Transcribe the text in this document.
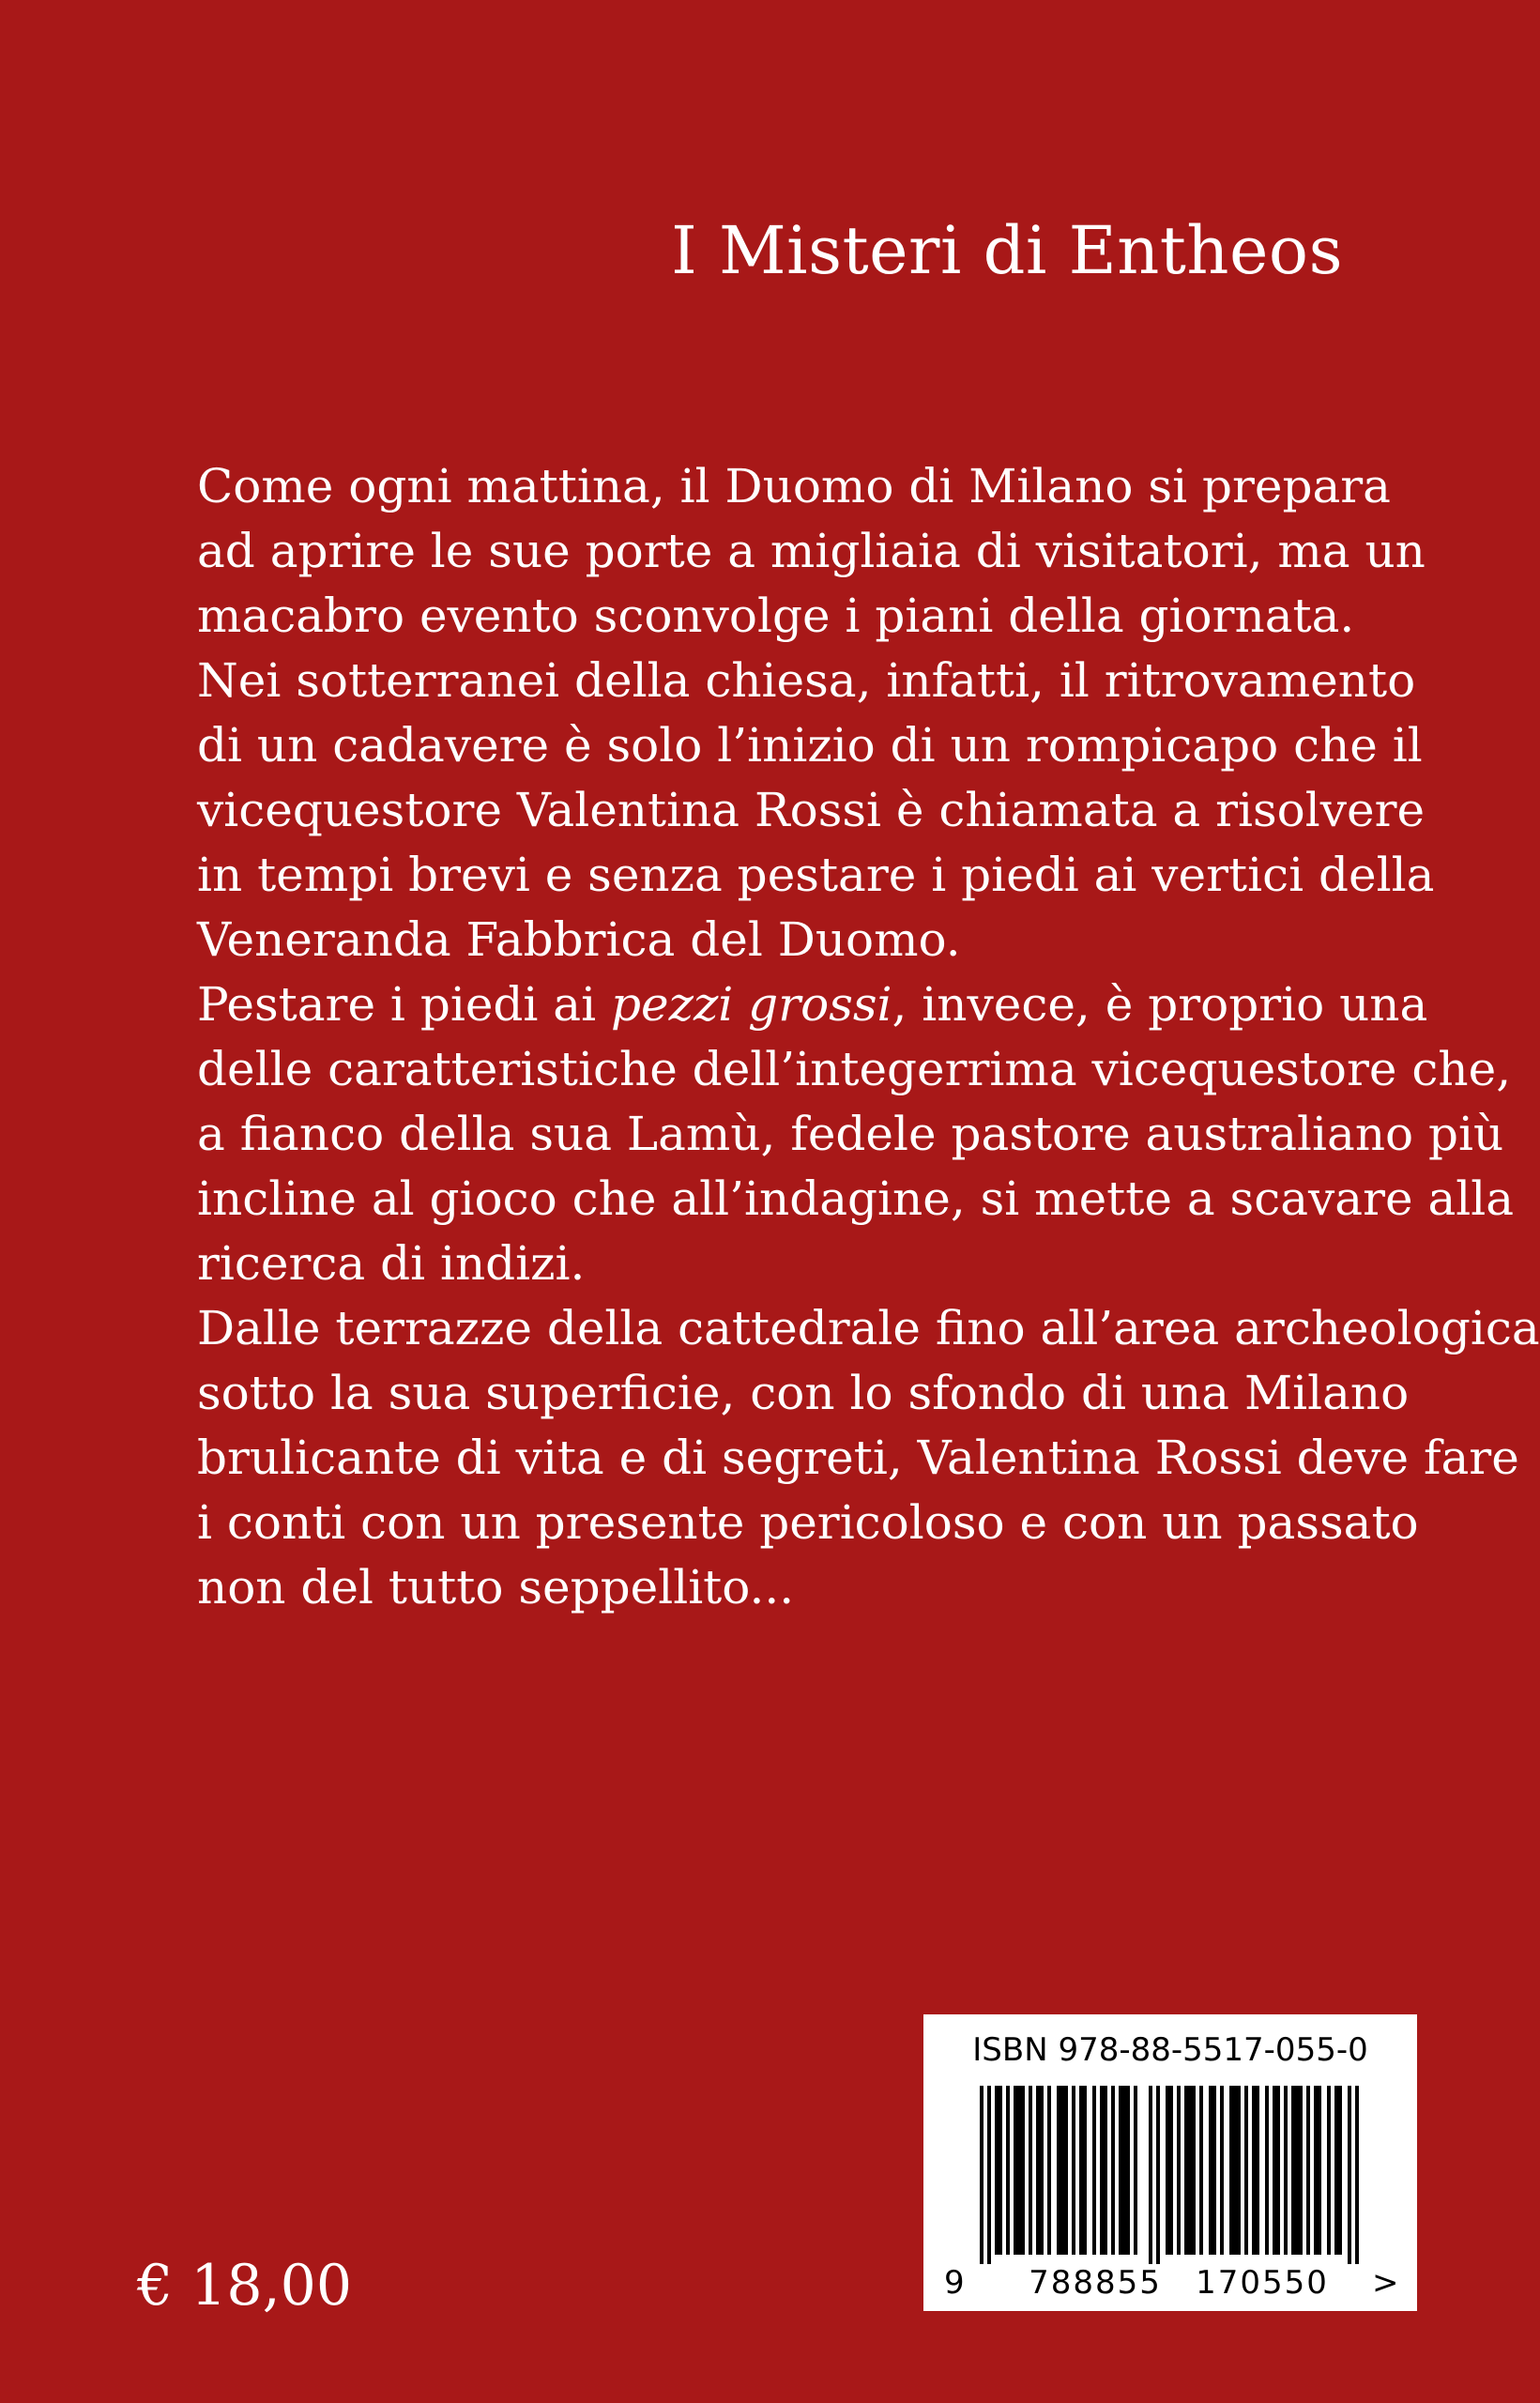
I Misteri di Entheos
Come ogni mattina, il Duomo di Milano si prepara
ad aprire le sue porte a migliaia di visitatori, ma un
macabro evento sconvolge i piani della giornata.
Nei sotterranei della chiesa, infatti, il ritrovamento
di un cadavere è solo l’inizio di un rompicapo che il
vicequestore Valentina Rossi è chiamata a risolvere
in tempi brevi e senza pestare i piedi ai vertici della
Veneranda Fabbrica del Duomo.
Pestare i piedi ai pezzi grossi, invece, è proprio una
delle caratteristiche dell’integerrima vicequestore che,
a fianco della sua Lamù, fedele pastore australiano più
incline al gioco che all’indagine, si mette a scavare alla
ricerca di indizi.
Dalle terrazze della cattedrale fino all’area archeologica
sotto la sua superficie, con lo sfondo di una Milano
brulicante di vita e di segreti, Valentina Rossi deve fare
i conti con un presente pericoloso e con un passato
non del tutto seppellito...
€ 18,00
ISBN 978-88-5517-055-0
9	788855	170550	>
